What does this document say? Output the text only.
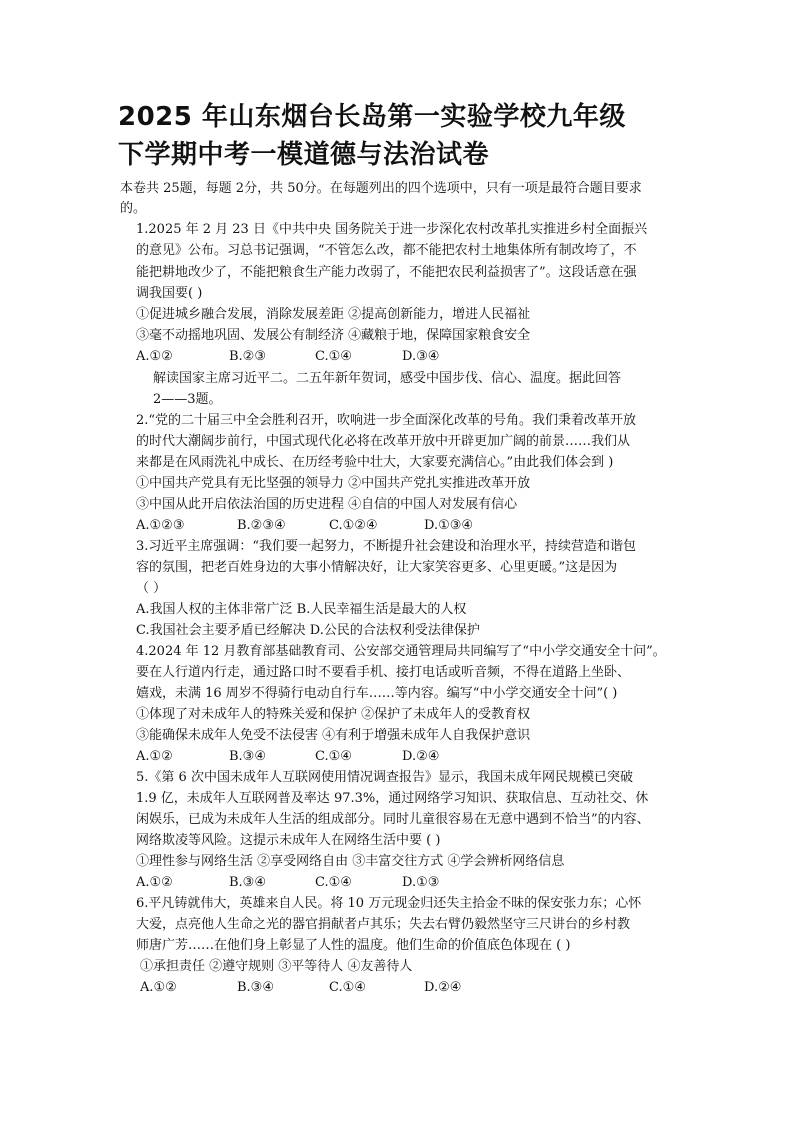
2025 年山东烟台长岛第一实验学校九年级
下学期中考一模道德与法治试卷

本卷共 25题，每题 2分，共 50分。在每题列出的四个选项中，只有一项是最符合题目要求

的。

1.2025 年 2 月 23 日《中共中央 国务院关于进一步深化农村改革扎实推进乡村全面振兴

的意见》公布。习总书记强调，“不管怎么改，都不能把农村土地集体所有制改垮了，不

能把耕地改少了，不能把粮食生产能力改弱了，不能把农民利益损害了”。这段话意在强

调我国要( )

①促进城乡融合发展，消除发展差距 ②提高创新能力，增进人民福祉

③毫不动摇地巩固、发展公有制经济 ④藏粮于地，保障国家粮食安全

A.①②	B.②③	C.①④	D.③④

解读国家主席习近平二。二五年新年贺词，感受中国步伐、信心、温度。据此回答

2——3题。

2.“党的二十届三中全会胜利召开，吹响进一步全面深化改革的号角。我们秉着改革开放

的时代大潮阔步前行，中国式现代化必将在改革开放中开辟更加广阔的前景……我们从

来都是在风雨洗礼中成长、在历经考验中壮大，大家要充满信心。”由此我们体会到 )

①中国共产党具有无比坚强的领导力 ②中国共产党扎实推进改革开放

③中国从此开启依法治国的历史进程 ④自信的中国人对发展有信心

A.①②③	B.②③④	C.①②④	D.①③④

3.习近平主席强调：“我们要一起努力，不断提升社会建设和治理水平，持续营造和谐包

容的氛围，把老百姓身边的大事小情解决好，让大家笑容更多、心里更暖。”这是因为

（ ）

A.我国人权的主体非常广泛 B.人民幸福生活是最大的人权

C.我国社会主要矛盾已经解决 D.公民的合法权利受法律保护

4.2024 年 12 月教育部基础教育司、公安部交通管理局共同编写了“中小学交通安全十问”。

要在人行道内行走，通过路口时不要看手机、接打电话或听音频，不得在道路上坐卧、

嬉戏，未满 16 周岁不得骑行电动自行车……等内容。编写“中小学交通安全十问”( )

①体现了对未成年人的特殊关爱和保护 ②保护了未成年人的受教育权

③能确保未成年人免受不法侵害 ④有利于增强未成年人自我保护意识

A.①②	B.③④	C.①④	D.②④

5.《第 6 次中国未成年人互联网使用情况调查报告》显示，我国未成年网民规模已突破

1.9 亿，未成年人互联网普及率达 97.3%，通过网络学习知识、获取信息、互动社交、休

闲娱乐，已成为未成年人生活的组成部分。同时儿童很容易在无意中遇到不恰当”的内容、

网络欺凌等风险。这提示未成年人在网络生活中要 ( )

①理性参与网络生活 ②享受网络自由 ③丰富交往方式 ④学会辨析网络信息

A.①②	B.③④	C.①④	D.①③

6.平凡铸就伟大，英雄来自人民。将 10 万元现金归还失主拾金不昧的保安张力东；心怀

大爱，点亮他人生命之光的器官捐献者卢其乐；失去右臂仍毅然坚守三尺讲台的乡村教

师唐广芳……在他们身上彰显了人性的温度。他们生命的价值底色体现在 ( )

①承担责任 ②遵守规则 ③平等待人 ④友善待人

A.①②	B.③④	C.①④	D.②④
